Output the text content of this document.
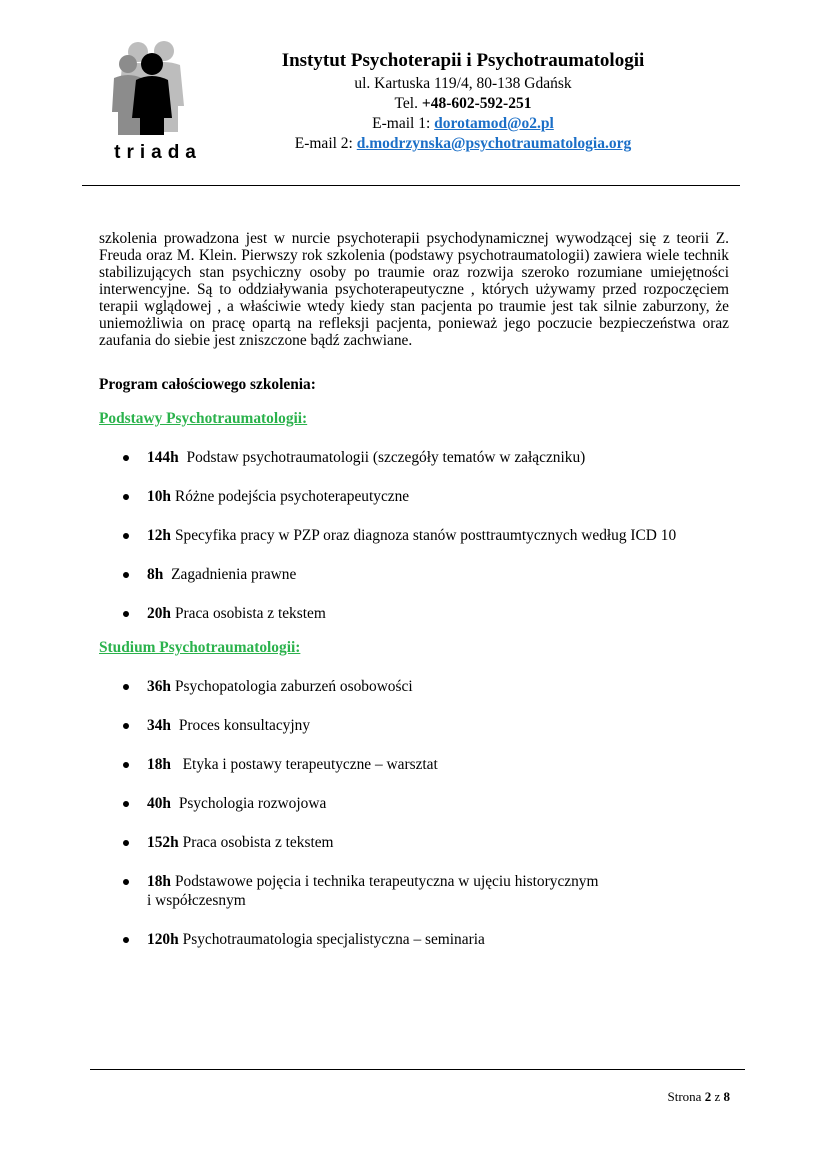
triada
Instytut Psychoterapii i Psychotraumatologii
ul. Kartuska 119/4, 80-138 Gdańsk
Tel. +48-602-592-251
E-mail 1: dorotamod@o2.pl
E-mail 2: d.modrzynska@psychotraumatologia.org

szkolenia prowadzona jest w nurcie psychoterapii psychodynamicznej wywodzącej się z teorii Z. Freuda oraz M. Klein. Pierwszy rok szkolenia (podstawy psychotraumatologii) zawiera wiele technik stabilizujących stan psychiczny osoby po traumie oraz rozwija szeroko rozumiane umiejętności interwencyjne. Są to oddziaływania psychoterapeutyczne , których używamy przed rozpoczęciem terapii wglądowej , a właściwie wtedy kiedy stan pacjenta po traumie jest tak silnie zaburzony, że uniemożliwia on pracę opartą na refleksji pacjenta, ponieważ jego poczucie bezpieczeństwa oraz zaufania do siebie jest zniszczone bądź zachwiane.

Program całościowego szkolenia:
Podstawy Psychotraumatologii:
144h Podstaw psychotraumatologii (szczegóły tematów w załączniku)
10h Różne podejścia psychoterapeutyczne
12h Specyfika pracy w PZP oraz diagnoza stanów posttraumtycznych według ICD 10
8h Zagadnienia prawne
20h Praca osobista z tekstem
Studium Psychotraumatologii:
36h Psychopatologia zaburzeń osobowości
34h Proces konsultacyjny
18h Etyka i postawy terapeutyczne – warsztat
40h Psychologia rozwojowa
152h Praca osobista z tekstem
18h Podstawowe pojęcia i technika terapeutyczna w ujęciu historycznym
i współczesnym
120h Psychotraumatologia specjalistyczna – seminaria
Strona 2 z 8
